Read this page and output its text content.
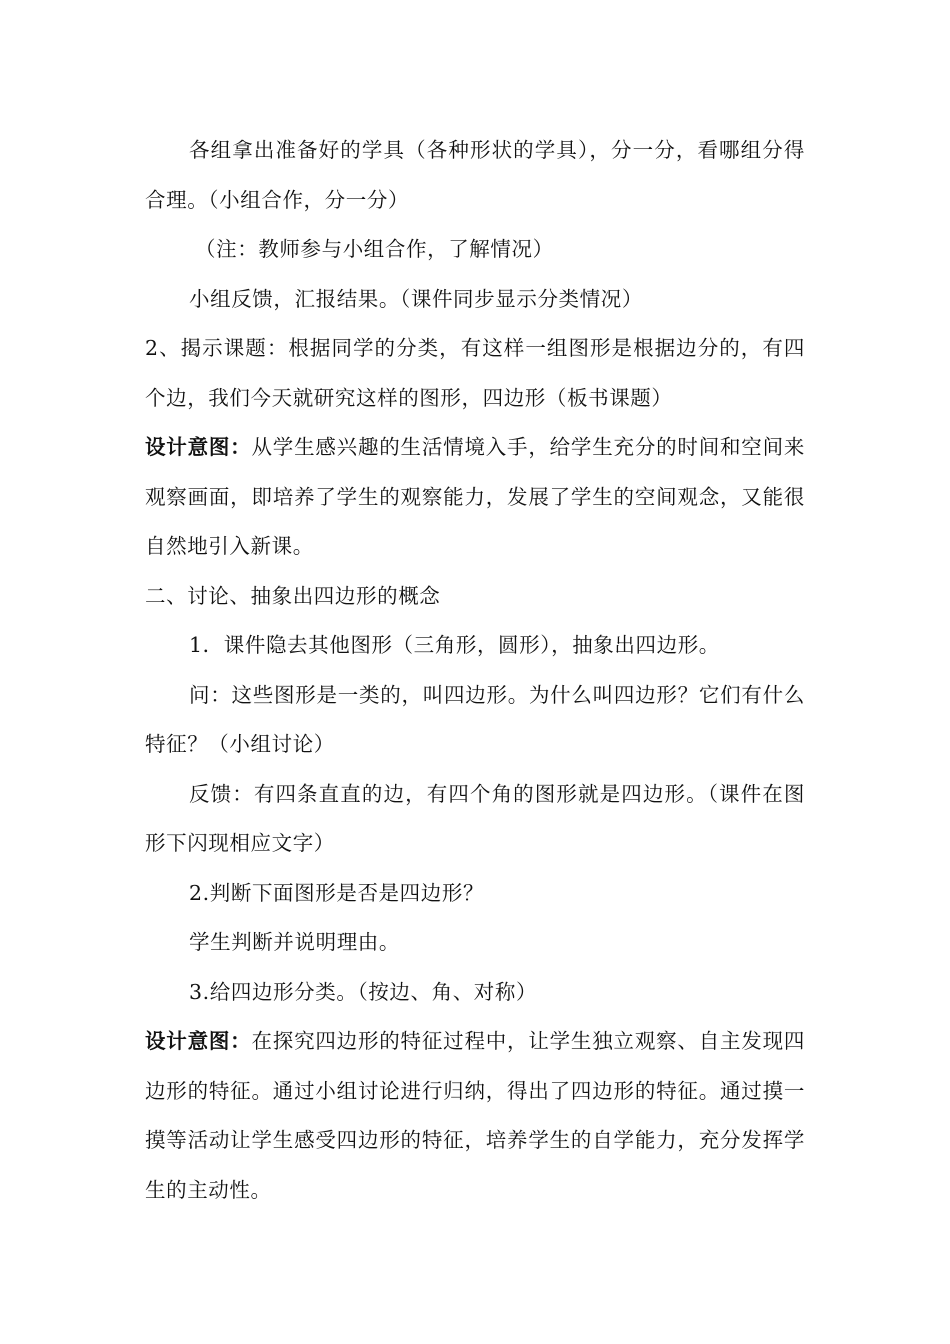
各组拿出准备好的学具（各种形状的学具），分一分，看哪组分得合理。（小组合作，分一分）

（注：教师参与小组合作，了解情况）

小组反馈，汇报结果。（课件同步显示分类情况）

2、揭示课题：根据同学的分类，有这样一组图形是根据边分的，有四个边，我们今天就研究这样的图形，四边形（板书课题）

设计意图：从学生感兴趣的生活情境入手，给学生充分的时间和空间来观察画面，即培养了学生的观察能力，发展了学生的空间观念，又能很自然地引入新课。

二、讨论、抽象出四边形的概念

1．课件隐去其他图形（三角形，圆形），抽象出四边形。

问：这些图形是一类的，叫四边形。为什么叫四边形？它们有什么特征？（小组讨论）

反馈：有四条直直的边，有四个角的图形就是四边形。（课件在图形下闪现相应文字）

2.判断下面图形是否是四边形？

学生判断并说明理由。

3.给四边形分类。（按边、角、对称）

设计意图：在探究四边形的特征过程中，让学生独立观察、自主发现四边形的特征。通过小组讨论进行归纳，得出了四边形的特征。通过摸一摸等活动让学生感受四边形的特征，培养学生的自学能力，充分发挥学生的主动性。
